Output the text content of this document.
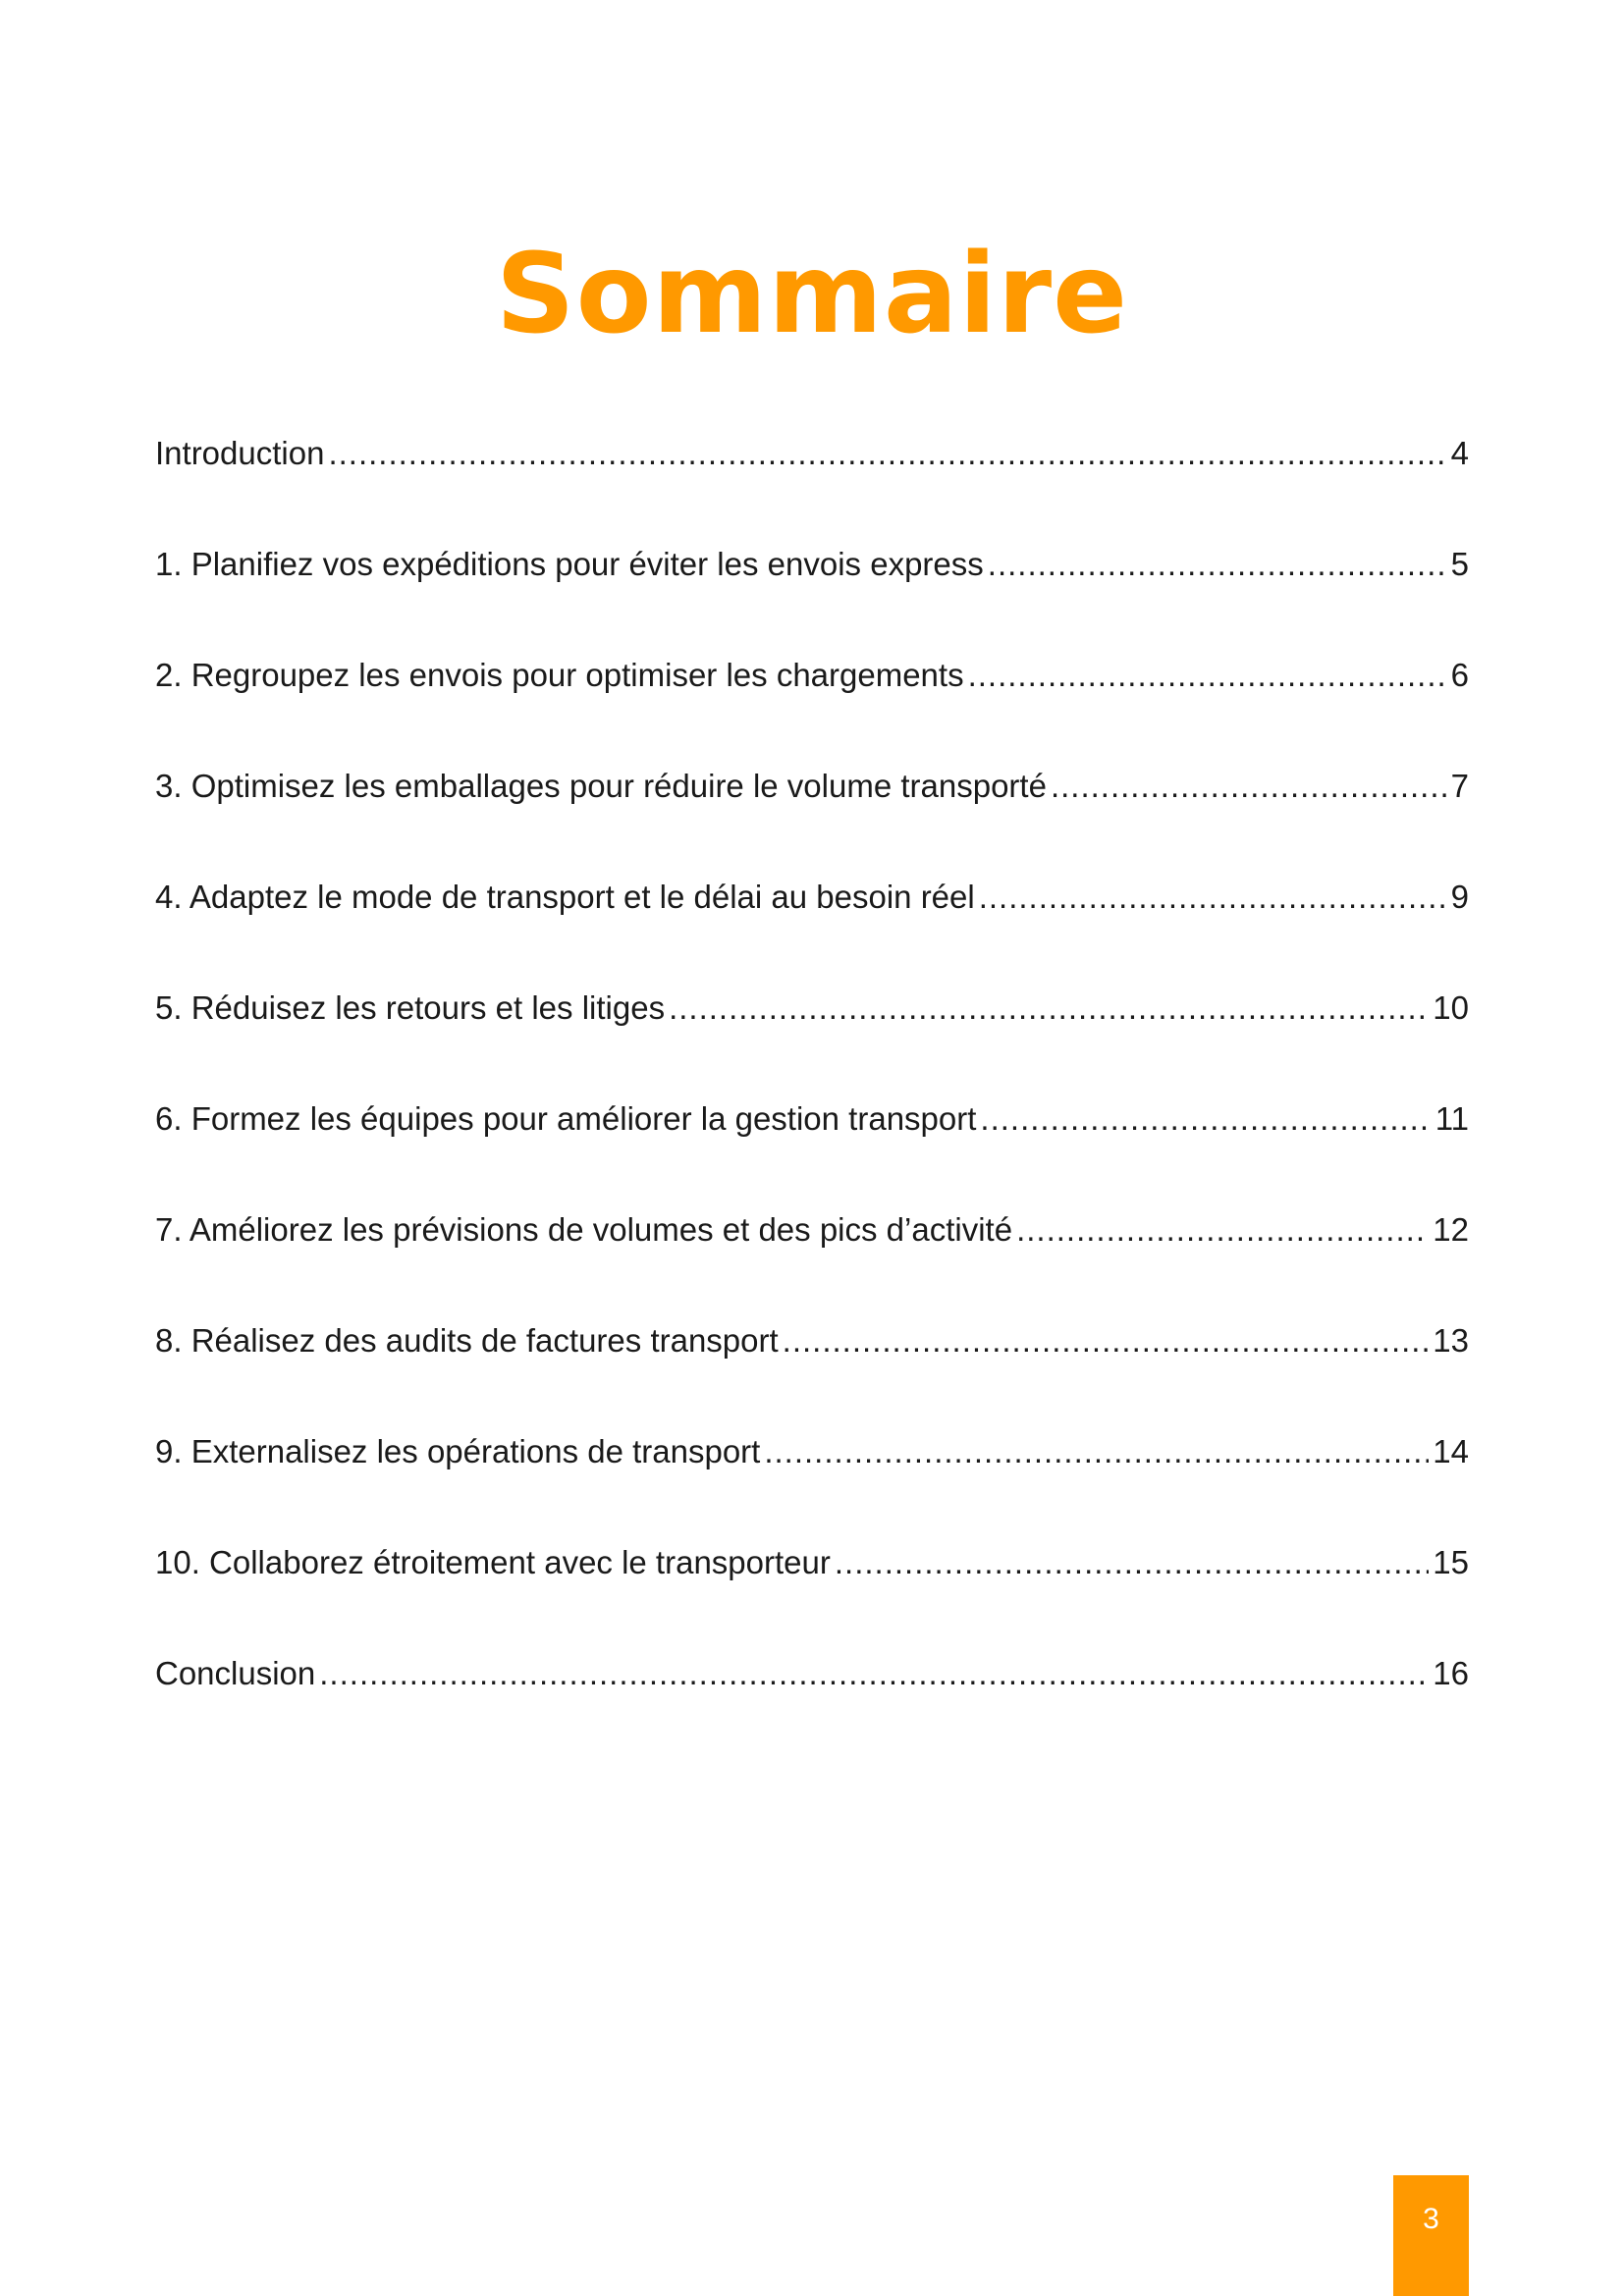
Sommaire
Introduction .....	4
1. Planifiez vos expéditions pour éviter les envois express .....	5
2. Regroupez les envois pour optimiser les chargements .....	6
3. Optimisez les emballages pour réduire le volume transporté .....	7
4. Adaptez le mode de transport et le délai au besoin réel .....	9
5. Réduisez les retours et les litiges .....	10
6. Formez les équipes pour améliorer la gestion transport .....	11
7. Améliorez les prévisions de volumes et des pics d’activité .....	12
8. Réalisez des audits de factures transport .....	13
9. Externalisez les opérations de transport .....	14
10. Collaborez étroitement avec le transporteur .....	15
Conclusion .....	16
3
